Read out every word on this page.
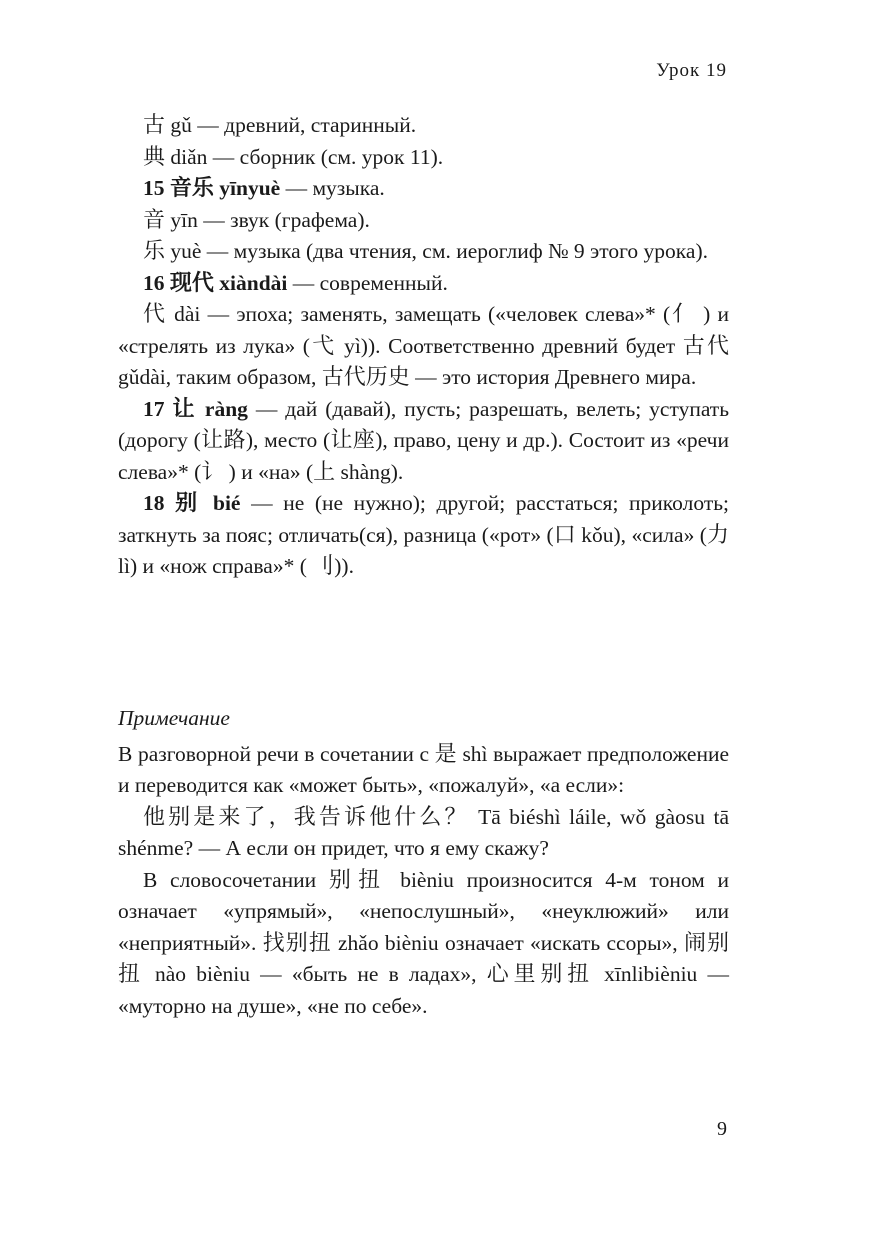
Урок 19

古 gǔ — древний, старинный.

典 diǎn — сборник (см. урок 11).

15 音乐 yīnyuè — музыка.

音 yīn — звук (графема).

乐 yuè — музыка (два чтения, см. иероглиф № 9 этого урока).

16 现代 xiàndài — современный.

代 dài — эпоха; заменять, замещать («человек слева»* (亻 ) и «стрелять из лука» (弋 yì)). Соответственно древний будет 古代 gǔdài, таким образом, 古代历史 — это история Древнего мира.

17 让 ràng — дай (давай), пусть; разрешать, велеть; уступать (дорогу (让路), место (让座), право, цену и др.). Состоит из «речи слева»* (讠 ) и «на» (上 shàng).

18 别 bié — не (не нужно); другой; расстаться; приколоть; заткнуть за пояс; отличать(ся), разница («рот» (口 kǒu), «сила» (力 lì) и «нож справа»* ( 刂)).

Примечание

В разговорной речи в сочетании с 是 shì выражает предположение и переводится как «может быть», «пожалуй», «а если»:

他别是来了，我告诉他什么？ Tā biéshì láile, wǒ gàosu tā shénme? — А если он придет, что я ему скажу?

В словосочетании 别扭 bièniu произносится 4-м тоном и означает «упрямый», «непослушный», «неуклюжий» или «неприятный». 找别扭 zhǎo bièniu означает «искать ссоры», 闹别扭 nào bièniu — «быть не в ладах», 心里别扭 xīnlibièniu — «муторно на душе», «не по себе».

9
